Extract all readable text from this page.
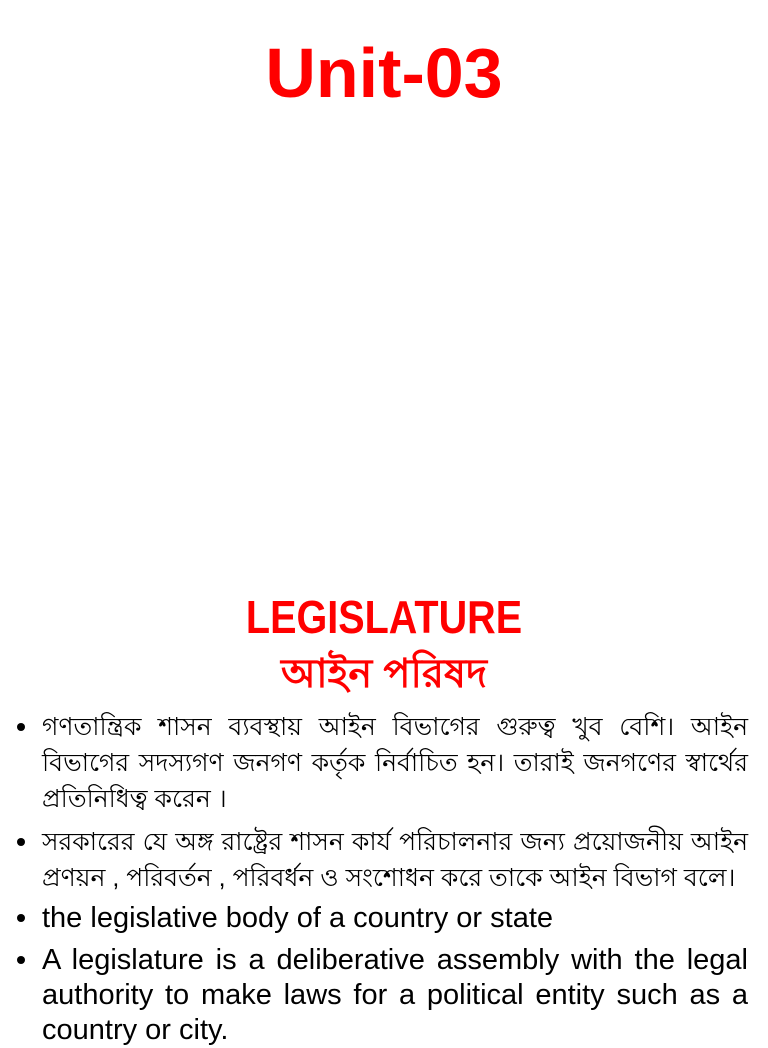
Unit-03
LEGISLATURE
আইন পরিষদ
গণতান্ত্রিক শাসন ব্যবস্থায় আইন বিভাগের গুরুত্ব খুব বেশি। আইন বিভাগের সদস্যগণ জনগণ কর্তৃক নির্বাচিত হন। তারাই জনগণের স্বার্থের প্রতিনিধিত্ব করেন ।
সরকারের যে অঙ্গ রাষ্ট্রের শাসন কার্য পরিচালনার জন্য প্রয়োজনীয় আইন প্রণয়ন , পরিবর্তন , পরিবর্ধন ও সংশোধন করে তাকে আইন বিভাগ বলে।
the legislative body of a country or state
A legislature is a deliberative assembly with the legal authority to make laws for a political entity such as a country or city.
